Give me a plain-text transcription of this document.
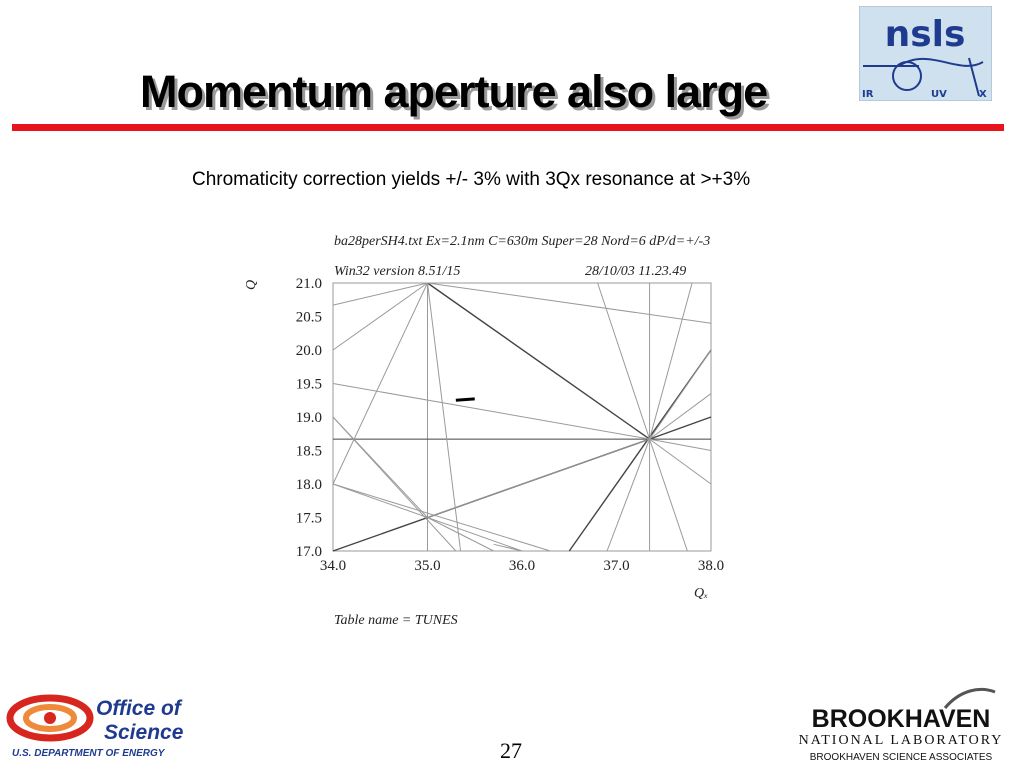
Momentum aperture also large
Chromaticity correction yields +/- 3% with 3Qx resonance at >+3%
nsls
IR	UV	X
ba28perSH4.txt Ex=2.1nm C=630m Super=28 Nord=6 dP/d=+/-3
Win32 version 8.51/15	28/10/03 11.23.49
Q
Qₓ
34.0	35.0	36.0	37.0	38.0
17.0
17.5
18.0
18.5
19.0
19.5
20.0
20.5
21.0
Table name = TUNES
Office of
Science
U.S. DEPARTMENT OF ENERGY	27
BROOKHAVEN
NATIONAL LABORATORY
BROOKHAVEN SCIENCE ASSOCIATES
